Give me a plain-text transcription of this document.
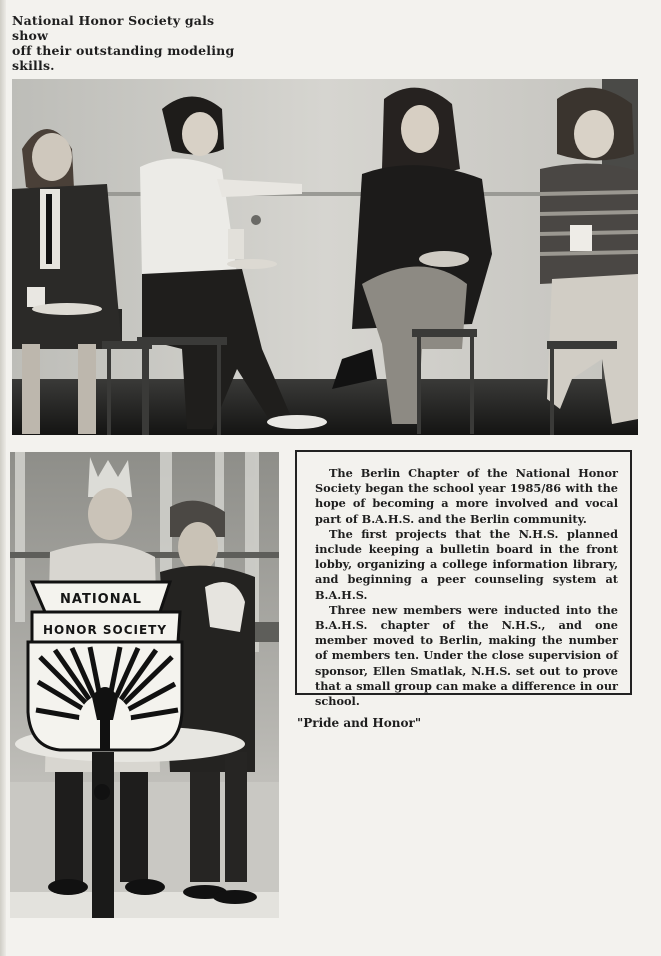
National Honor Society gals show
off their outstanding modeling
skills.
NATIONAL
HONOR SOCIETY

The Berlin Chapter of the National Honor Society began the school year 1985/86 with the hope of becoming a more involved and vocal part of B.A.H.S. and the Berlin community.

The first projects that the N.H.S. planned include keeping a bulletin board in the front lobby, organizing a college information library, and beginning a peer counseling system at B.A.H.S.

Three new members were inducted into the B.A.H.S. chapter of the N.H.S., and one member moved to Berlin, making the number of members ten. Under the close supervision of sponsor, Ellen Smatlak, N.H.S. set out to prove that a small group can make a difference in our school.

"Pride and Honor"
